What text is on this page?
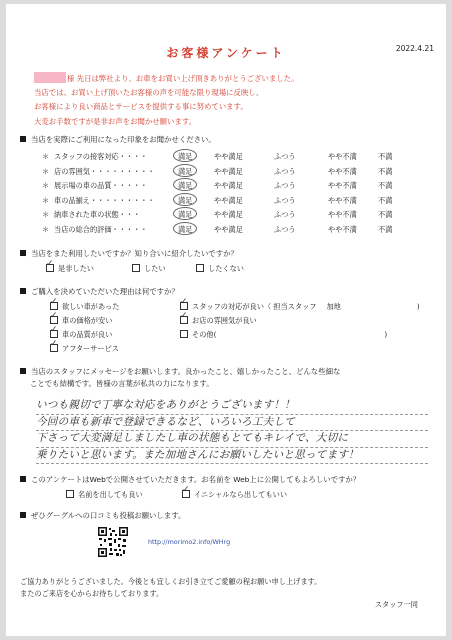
2022.4.21
お客様アンケート

様 先日は弊社より、お車をお買い上げ頂きありがとうございました。

当店では、お買い上げ頂いたお客様の声を可能な限り現場に反映し、

お客様により良い商品とサービスを提供する事に努めています。

大変お手数ですが是非お声をお聞かせ願います。

当店を実際にご利用になった印象をお聞かせください。
＊ スタッフの接客対応・・・・	満足	やや満足	ふつう	やや不満	不満
＊ 店の雰囲気・・・・・・・・・	満足	やや満足	ふつう	やや不満	不満
＊ 展示場の車の品質・・・・・	満足	やや満足	ふつう	やや不満	不満
＊ 車の品揃え・・・・・・・・・	満足	やや満足	ふつう	やや不満	不満
＊ 納車された車の状態・・・	満足	やや満足	ふつう	やや不満	不満
＊ 当店の総合的評価・・・・・	満足	やや満足	ふつう	やや不満	不満
当店をまた利用したいですか？知り合いに紹介したいですか？
✓是非したい	したい	したくない
ご購入を決めていただいた理由は何ですか？
✓欲しい車があった ✓	スタッフの対応が良い（ 担当スタッフ 加地	)
✓車の価格が安い ✓	お店の雰囲気が良い
✓車の品質が良い	その他(	)
✓アフターサービス
当店のスタッフにメッセージをお願いします。良かったこと、嬉しかったこと、どんな些細な
ことでも結構です。皆様の言葉が私共の力になります。
いつも親切で丁寧な対応をありがとうございます！！
今回の車も新車で登録できるなど、いろいろ工夫して
下さって大変満足しましたし車の状態もとてもキレイで、大切に
乗りたいと思います。また加地さんにお願いしたいと思ってます！
このアンケートはWebで公開させていただきます。お名前を Web上に公開してもよろしいですか？
名前を出しても良い ✓	イニシャルなら出してもいい
ぜひグーグルへの口コミも投稿お願いします。
http://morimo2.info/WHrg

ご協力ありがとうございました。今後とも宜しくお引き立てご愛顧の程お願い申し上げます。

またのご来店を心からお待ちしております。

スタッフ一同
